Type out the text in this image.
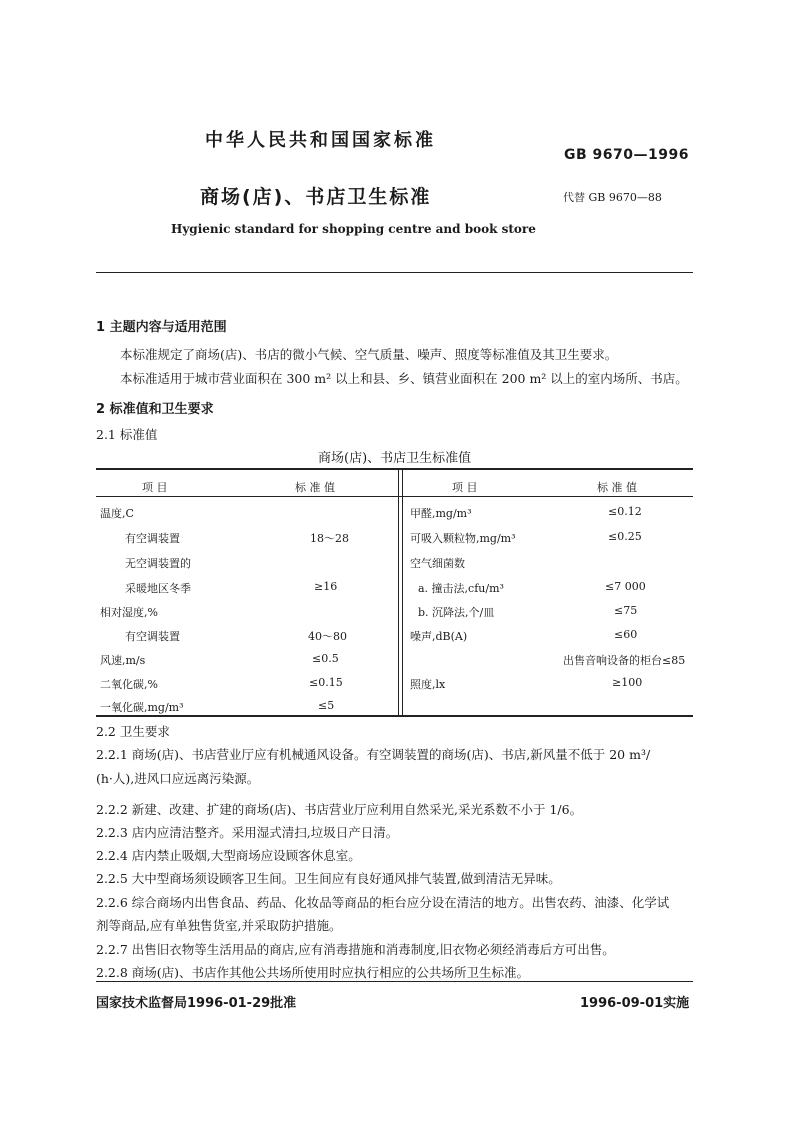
中华人民共和国国家标准
GB 9670—1996
商场(店)、书店卫生标准	代替 GB 9670—88
Hygienic standard for shopping centre and book store
1 主题内容与适用范围
本标准规定了商场(店)、书店的微小气候、空气质量、噪声、照度等标准值及其卫生要求。
本标准适用于城市营业面积在 300 m² 以上和县、乡、镇营业面积在 200 m² 以上的室内场所、书店。
2 标准值和卫生要求
2.1 标准值
商场(店)、书店卫生标准值
项 目	标 准 值	项 目	标 准 值
温度,C
有空调装置	18～28
无空调装置的
采暖地区冬季	≥16
相对湿度,%
有空调装置	40～80
风速,m/s	≤0.5
二氧化碳,%	≤0.15
一氧化碳,mg/m³	≤5
甲醛,mg/m³	≤0.12
可吸入颗粒物,mg/m³	≤0.25
空气细菌数
a. 撞击法,cfu/m³	≤7 000
b. 沉降法,个/皿	≤75
噪声,dB(A)	≤60
出售音响设备的柜台≤85
照度,lx	≥100
2.2 卫生要求
2.2.1 商场(店)、书店营业厅应有机械通风设备。有空调装置的商场(店)、书店,新风量不低于 20 m³/
(h·人),进风口应远离污染源。
2.2.2 新建、改建、扩建的商场(店)、书店营业厅应利用自然采光,采光系数不小于 1/6。
2.2.3 店内应清洁整齐。采用湿式清扫,垃圾日产日清。
2.2.4 店内禁止吸烟,大型商场应设顾客休息室。
2.2.5 大中型商场须设顾客卫生间。卫生间应有良好通风排气装置,做到清洁无异味。
2.2.6 综合商场内出售食品、药品、化妆品等商品的柜台应分设在清洁的地方。出售农药、油漆、化学试
剂等商品,应有单独售货室,并采取防护措施。
2.2.7 出售旧衣物等生活用品的商店,应有消毒措施和消毒制度,旧衣物必须经消毒后方可出售。
2.2.8 商场(店)、书店作其他公共场所使用时应执行相应的公共场所卫生标准。
国家技术监督局1996-01-29批准	1996-09-01实施
